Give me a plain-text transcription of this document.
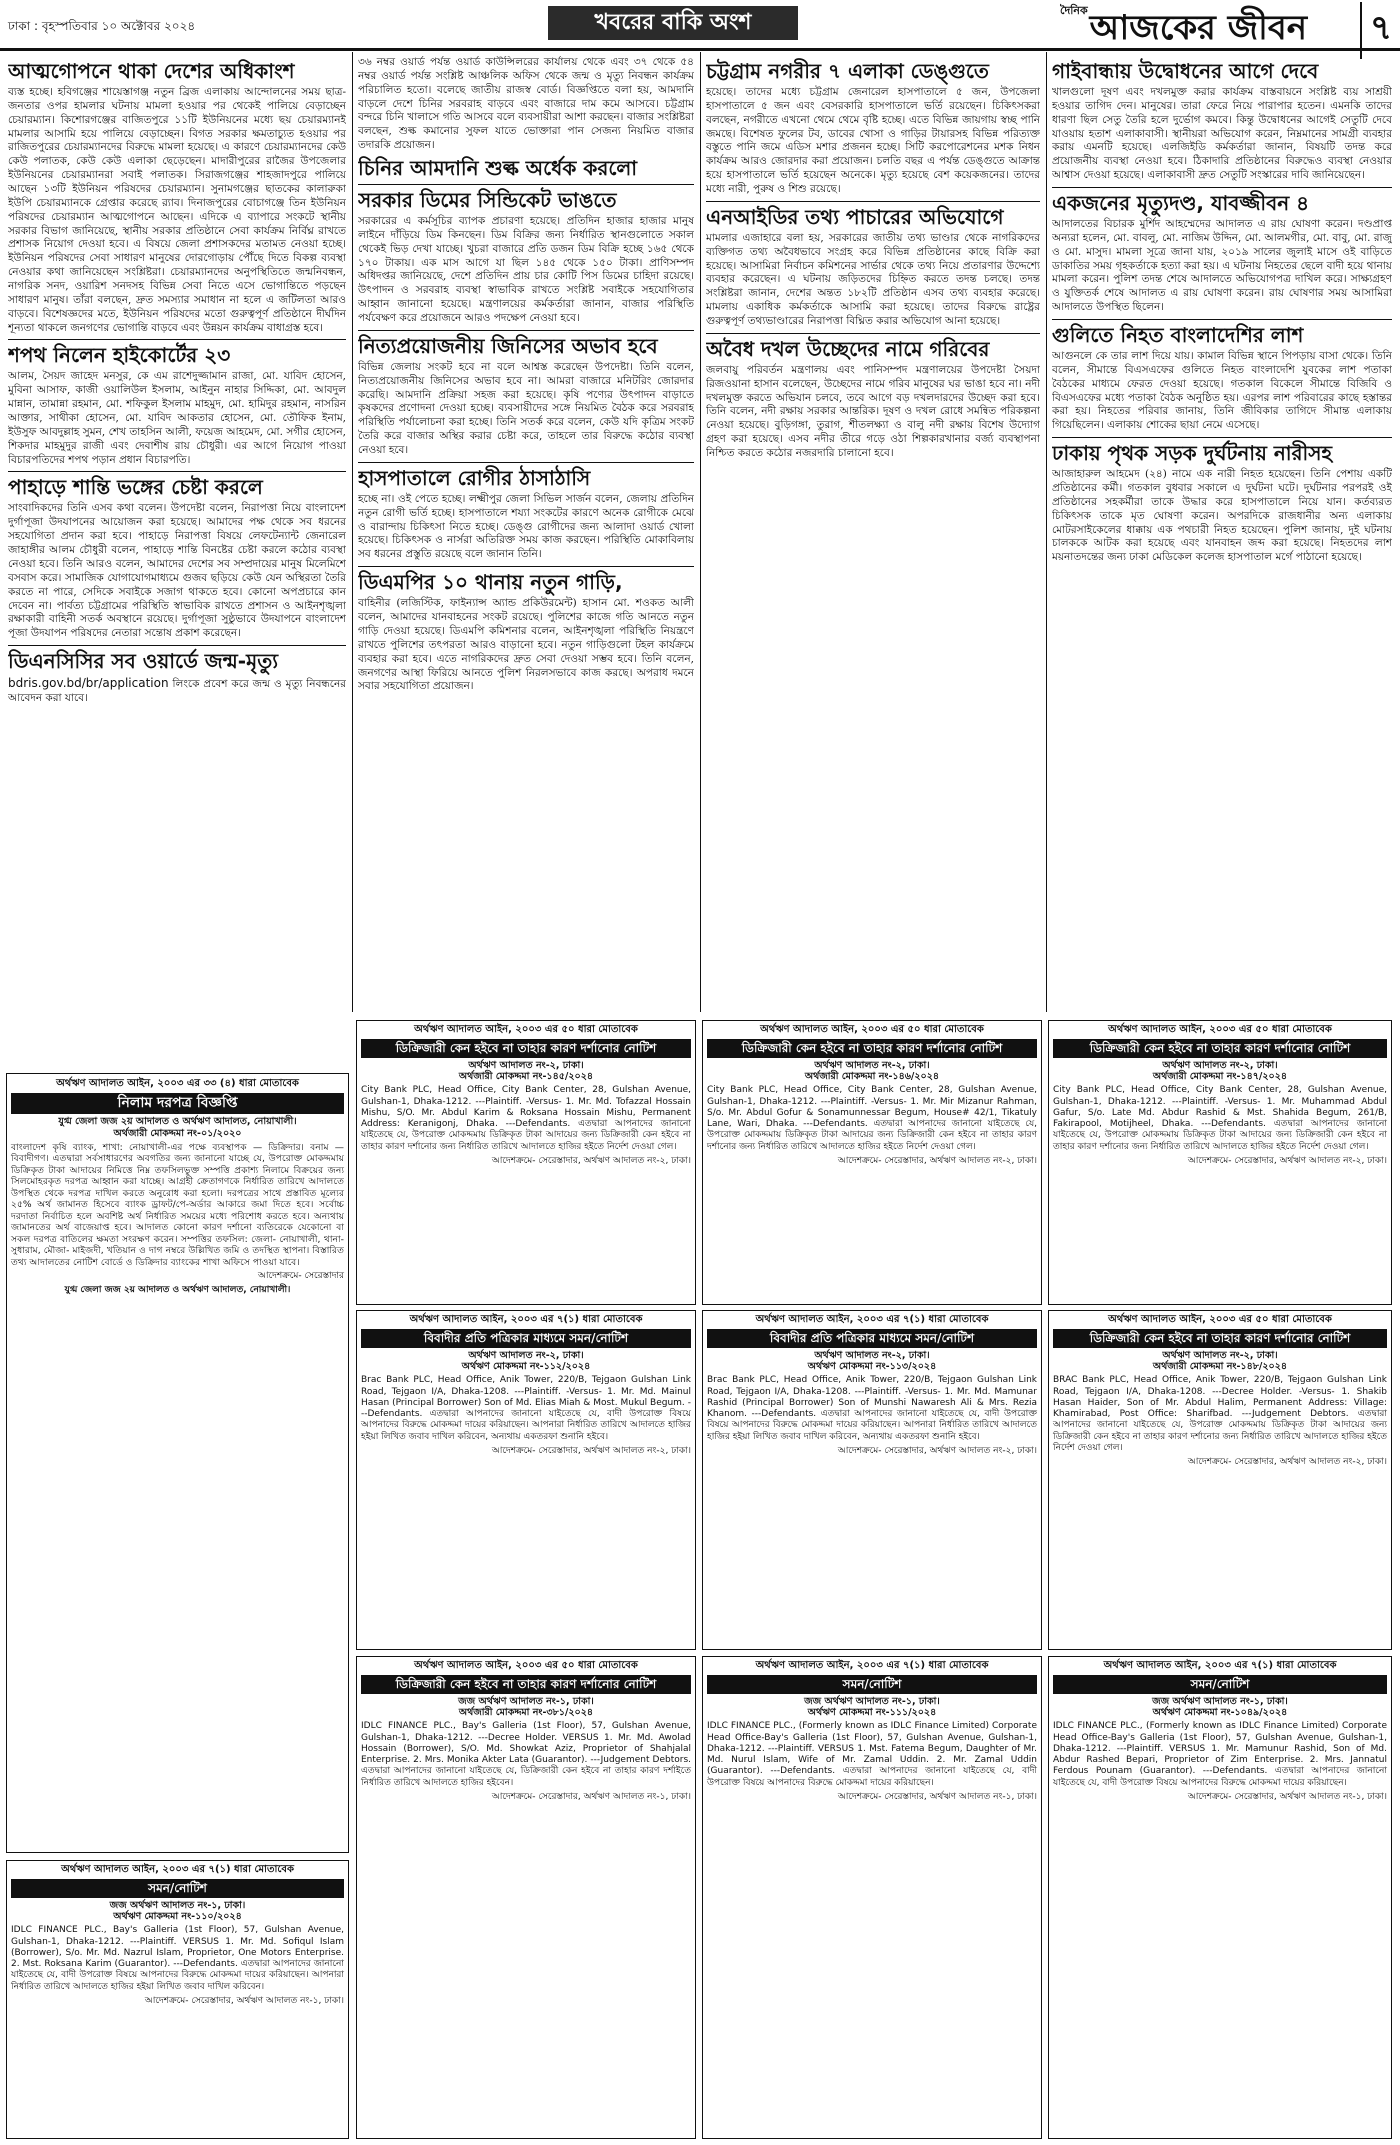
ঢাকা : বৃহস্পতিবার ১০ অক্টোবর ২০২৪	খবরের বাকি অংশ	$^{দৈনিক}$আজকের জীবন ৭
আত্মগোপনে থাকা দেশের অধিকাংশ

ব্যস্ত হচ্ছে। হবিগঞ্জের শায়েস্তাগঞ্জ নতুন ব্রিজ এলাকায় আন্দোলনের সময় ছাত্র-জনতার ওপর হামলার ঘটনায় মামলা হওয়ার পর থেকেই পালিয়ে বেড়াচ্ছেন চেয়ারম্যান। কিশোরগঞ্জের বাজিতপুরে ১১টি ইউনিয়নের মধ্যে ছয় চেয়ারম্যানই মামলার আসামি হয়ে পালিয়ে বেড়াচ্ছেন। বিগত সরকার ক্ষমতাচ্যুত হওয়ার পর রাজিতপুরের চেয়ারম্যানদের বিরুদ্ধে মামলা হয়েছে। এ কারণে চেয়ারম্যানদের কেউ কেউ পলাতক, কেউ কেউ এলাকা ছেড়েছেন। মাদারীপুরের রাজৈর উপজেলার ইউনিয়নের চেয়ারম্যানরা সবাই পলাতক। সিরাজগঞ্জের শাহজাদপুরে পালিয়ে আছেন ১৩টি ইউনিয়ন পরিষদের চেয়ারম্যান। সুনামগঞ্জের ছাতকের কালারুকা ইউপি চেয়ারম্যানকে গ্রেপ্তার করেছে র‍্যাব। দিনাজপুরের বোচাগঞ্জে তিন ইউনিয়ন পরিষদের চেয়ারম্যান আত্মগোপনে আছেন। এদিকে এ ব্যাপারে সংকটে স্থানীয় সরকার বিভাগ জানিয়েছে, স্থানীয় সরকার প্রতিষ্ঠানে সেবা কার্যক্রম নির্বিঘ্ন রাখতে প্রশাসক নিয়োগ দেওয়া হবে। এ বিষয়ে জেলা প্রশাসকদের মতামত নেওয়া হচ্ছে। ইউনিয়ন পরিষদের সেবা সাধারণ মানুষের দোরগোড়ায় পৌঁছে দিতে বিকল্প ব্যবস্থা নেওয়ার কথা জানিয়েছেন সংশ্লিষ্টরা। চেয়ারম্যানদের অনুপস্থিতিতে জন্মনিবন্ধন, নাগরিক সনদ, ওয়ারিশ সনদসহ বিভিন্ন সেবা নিতে এসে ভোগান্তিতে পড়ছেন সাধারণ মানুষ। তাঁরা বলছেন, দ্রুত সমস্যার সমাধান না হলে এ জটিলতা আরও বাড়বে। বিশেষজ্ঞদের মতে, ইউনিয়ন পরিষদের মতো গুরুত্বপূর্ণ প্রতিষ্ঠানে দীর্ঘদিন শূন্যতা থাকলে জনগণের ভোগান্তি বাড়বে এবং উন্নয়ন কার্যক্রম বাধাগ্রস্ত হবে।

শপথ নিলেন হাইকোর্টের ২৩

আলম, সৈয়দ জাহেদ মনসুর, কে এম রাশেদুজ্জামান রাজা, মো. যাবিদ হোসেন, মুবিনা আসাফ, কাজী ওয়ালিউল ইসলাম, আইনুন নাহার সিদ্দিকা, মো. আবদুল মান্নান, তামান্না রহমান, মো. শফিকুল ইসলাম মাহমুদ, মো. হামিদুর রহমান, নাসরিন আক্তার, সাথীকা হোসেন, মো. যাবিদ আকতার হোসেন, মো. তৌফিক ইনাম, ইউসুফ আবদুল্লাহ সুমন, শেখ তাহসিন আলী, ফয়েজ আহমেদ, মো. সগীর হোসেন, শিকদার মাহমুদুর রাজী এবং দেবাশীষ রায় চৌধুরী। এর আগে নিয়োগ পাওয়া বিচারপতিদের শপথ পড়ান প্রধান বিচারপতি।

পাহাড়ে শান্তি ভঙ্গের চেষ্টা করলে

সাংবাদিকদের তিনি এসব কথা বলেন। উপদেষ্টা বলেন, নিরাপত্তা নিয়ে বাংলাদেশ দুর্গাপূজা উদযাপনের আয়োজন করা হয়েছে। আমাদের পক্ষ থেকে সব ধরনের সহযোগিতা প্রদান করা হবে। পাহাড়ে নিরাপত্তা বিষয়ে লেফটেন্যান্ট জেনারেল জাহাঙ্গীর আলম চৌধুরী বলেন, পাহাড়ে শান্তি বিনষ্টের চেষ্টা করলে কঠোর ব্যবস্থা নেওয়া হবে। তিনি আরও বলেন, আমাদের দেশের সব সম্প্রদায়ের মানুষ মিলেমিশে বসবাস করে। সামাজিক যোগাযোগমাধ্যমে গুজব ছড়িয়ে কেউ যেন অস্থিরতা তৈরি করতে না পারে, সেদিকে সবাইকে সজাগ থাকতে হবে। কোনো অপপ্রচারে কান দেবেন না। পার্বত্য চট্টগ্রামের পরিস্থিতি স্বাভাবিক রাখতে প্রশাসন ও আইনশৃঙ্খলা রক্ষাকারী বাহিনী সতর্ক অবস্থানে রয়েছে। দুর্গাপূজা সুষ্ঠুভাবে উদযাপনে বাংলাদেশ পূজা উদযাপন পরিষদের নেতারা সন্তোষ প্রকাশ করেছেন।

ডিএনসিসির সব ওয়ার্ডে জন্ম-মৃত্যু

bdris.gov.bd/br/application লিংকে প্রবেশ করে জন্ম ও মৃত্যু নিবন্ধনের আবেদন করা যাবে।

অর্থঋণ আদালত আইন, ২০০৩ এর ৩৩ (৪) ধারা মোতাবেক
নিলাম দরপত্র বিজ্ঞপ্তি
যুগ্ম জেলা জজ ২য় আদালত ও অর্থঋণ আদালত, নোয়াখালী।
অর্থজারী মোকদ্দমা নং-০১/২০২০

বাংলাদেশ কৃষি ব্যাংক, শাখা: নোয়াখালী-এর পক্ষে ব্যবস্থাপক — ডিক্রিদার। বনাম — বিবাদীগণ। এতদ্বারা সর্বসাধারণের অবগতির জন্য জানানো যাচ্ছে যে, উপরোক্ত মোকদ্দমায় ডিক্রিকৃত টাকা আদায়ের নিমিত্তে নিম্ন তফসিলভুক্ত সম্পত্তি প্রকাশ্য নিলামে বিক্রয়ের জন্য সিলমোহরকৃত দরপত্র আহ্বান করা যাচ্ছে। আগ্রহী ক্রেতাগণকে নির্ধারিত তারিখে আদালতে উপস্থিত থেকে দরপত্র দাখিল করতে অনুরোধ করা হলো। দরপত্রের সাথে প্রস্তাবিত মূল্যের ২৫% অর্থ জামানত হিসেবে ব্যাংক ড্রাফট/পে-অর্ডার আকারে জমা দিতে হবে। সর্বোচ্চ দরদাতা নির্বাচিত হলে অবশিষ্ট অর্থ নির্ধারিত সময়ের মধ্যে পরিশোধ করতে হবে। অন্যথায় জামানতের অর্থ বাজেয়াপ্ত হবে। আদালত কোনো কারণ দর্শানো ব্যতিরেকে যেকোনো বা সকল দরপত্র বাতিলের ক্ষমতা সংরক্ষণ করেন। সম্পত্তির তফসিল: জেলা- নোয়াখালী, থানা- সুধারাম, মৌজা- মাইজদী, খতিয়ান ও দাগ নম্বরে উল্লিখিত জমি ও তদস্থিত স্থাপনা। বিস্তারিত তথ্য আদালতের নোটিশ বোর্ডে ও ডিক্রিদার ব্যাংকের শাখা অফিসে পাওয়া যাবে।

আদেশক্রমে- সেরেস্তাদার
যুগ্ম জেলা জজ ২য় আদালত ও অর্থঋণ আদালত, নোয়াখালী।

৩৬ নম্বর ওয়ার্ড পর্যন্ত ওয়ার্ড কাউন্সিলরের কার্যালয় থেকে এবং ৩৭ থেকে ৫৪ নম্বর ওয়ার্ড পর্যন্ত সংশ্লিষ্ট আঞ্চলিক অফিস থেকে জন্ম ও মৃত্যু নিবন্ধন কার্যক্রম পরিচালিত হতো। বলেছে জাতীয় রাজস্ব বোর্ড। বিজ্ঞপ্তিতে বলা হয়, আমদানি বাড়লে দেশে চিনির সরবরাহ বাড়বে এবং বাজারে দাম কমে আসবে। চট্টগ্রাম বন্দরে চিনি খালাসে গতি আসবে বলে ব্যবসায়ীরা আশা করছেন। বাজার সংশ্লিষ্টরা বলছেন, শুল্ক কমানোর সুফল যাতে ভোক্তারা পান সেজন্য নিয়মিত বাজার তদারকি প্রয়োজন।

চিনির আমদানি শুল্ক অর্ধেক করলো
সরকার ডিমের সিন্ডিকেট ভাঙতে

সরকারের এ কর্মসূচির ব্যাপক প্রচারণা হয়েছে। প্রতিদিন হাজার হাজার মানুষ লাইনে দাঁড়িয়ে ডিম কিনছেন। ডিম বিক্রির জন্য নির্ধারিত স্থানগুলোতে সকাল থেকেই ভিড় দেখা যাচ্ছে। খুচরা বাজারে প্রতি ডজন ডিম বিক্রি হচ্ছে ১৬৫ থেকে ১৭০ টাকায়। এক মাস আগে যা ছিল ১৪৫ থেকে ১৫০ টাকা। প্রাণিসম্পদ অধিদপ্তর জানিয়েছে, দেশে প্রতিদিন প্রায় চার কোটি পিস ডিমের চাহিদা রয়েছে। উৎপাদন ও সরবরাহ ব্যবস্থা স্বাভাবিক রাখতে সংশ্লিষ্ট সবাইকে সহযোগিতার আহ্বান জানানো হয়েছে। মন্ত্রণালয়ের কর্মকর্তারা জানান, বাজার পরিস্থিতি পর্যবেক্ষণ করে প্রয়োজনে আরও পদক্ষেপ নেওয়া হবে।

নিত্যপ্রয়োজনীয় জিনিসের অভাব হবে

বিভিন্ন জেলায় সংকট হবে না বলে আশ্বস্ত করেছেন উপদেষ্টা। তিনি বলেন, নিত্যপ্রয়োজনীয় জিনিসের অভাব হবে না। আমরা বাজারে মনিটরিং জোরদার করেছি। আমদানি প্রক্রিয়া সহজ করা হয়েছে। কৃষি পণ্যের উৎপাদন বাড়াতে কৃষকদের প্রণোদনা দেওয়া হচ্ছে। ব্যবসায়ীদের সঙ্গে নিয়মিত বৈঠক করে সরবরাহ পরিস্থিতি পর্যালোচনা করা হচ্ছে। তিনি সতর্ক করে বলেন, কেউ যদি কৃত্রিম সংকট তৈরি করে বাজার অস্থির করার চেষ্টা করে, তাহলে তার বিরুদ্ধে কঠোর ব্যবস্থা নেওয়া হবে।

হাসপাতালে রোগীর ঠাসাঠাসি

হচ্ছে না। ওই পেতে হচ্ছে। লক্ষ্মীপুর জেলা সিভিল সার্জন বলেন, জেলায় প্রতিদিন নতুন রোগী ভর্তি হচ্ছে। হাসপাতালে শয্যা সংকটের কারণে অনেক রোগীকে মেঝে ও বারান্দায় চিকিৎসা নিতে হচ্ছে। ডেঙ্গু রোগীদের জন্য আলাদা ওয়ার্ড খোলা হয়েছে। চিকিৎসক ও নার্সরা অতিরিক্ত সময় কাজ করছেন। পরিস্থিতি মোকাবিলায় সব ধরনের প্রস্তুতি রয়েছে বলে জানান তিনি।

ডিএমপির ১০ থানায় নতুন গাড়ি,

বাহিনীর (লজিস্টিক, ফাইন্যান্স অ্যান্ড প্রকিউরমেন্ট) হাসান মো. শওকত আলী বলেন, আমাদের যানবাহনের সংকট রয়েছে। পুলিশের কাজে গতি আনতে নতুন গাড়ি দেওয়া হয়েছে। ডিএমপি কমিশনার বলেন, আইনশৃঙ্খলা পরিস্থিতি নিয়ন্ত্রণে রাখতে পুলিশের তৎপরতা আরও বাড়ানো হবে। নতুন গাড়িগুলো টহল কার্যক্রমে ব্যবহার করা হবে। এতে নাগরিকদের দ্রুত সেবা দেওয়া সম্ভব হবে। তিনি বলেন, জনগণের আস্থা ফিরিয়ে আনতে পুলিশ নিরলসভাবে কাজ করছে। অপরাধ দমনে সবার সহযোগিতা প্রয়োজন।

চট্টগ্রাম নগরীর ৭ এলাকা ডেঙ্গুতে

হয়েছে। তাদের মধ্যে চট্টগ্রাম জেনারেল হাসপাতালে ৫ জন, উপজেলা হাসপাতালে ৫ জন এবং বেসরকারি হাসপাতালে ভর্তি রয়েছেন। চিকিৎসকরা বলছেন, নগরীতে এখনো থেমে থেমে বৃষ্টি হচ্ছে। এতে বিভিন্ন জায়গায় স্বচ্ছ পানি জমছে। বিশেষত ফুলের টব, ডাবের খোসা ও গাড়ির টায়ারসহ বিভিন্ন পরিত্যক্ত বস্তুতে পানি জমে এডিস মশার প্রজনন হচ্ছে। সিটি করপোরেশনের মশক নিধন কার্যক্রম আরও জোরদার করা প্রয়োজন। চলতি বছর এ পর্যন্ত ডেঙ্গুতে আক্রান্ত হয়ে হাসপাতালে ভর্তি হয়েছেন অনেকে। মৃত্যু হয়েছে বেশ কয়েকজনের। তাদের মধ্যে নারী, পুরুষ ও শিশু রয়েছে।

এনআইডির তথ্য পাচারের অভিযোগে

মামলার এজাহারে বলা হয়, সরকারের জাতীয় তথ্য ভাণ্ডার থেকে নাগরিকদের ব্যক্তিগত তথ্য অবৈধভাবে সংগ্রহ করে বিভিন্ন প্রতিষ্ঠানের কাছে বিক্রি করা হয়েছে। আসামিরা নির্বাচন কমিশনের সার্ভার থেকে তথ্য নিয়ে প্রতারণার উদ্দেশ্যে ব্যবহার করেছেন। এ ঘটনায় জড়িতদের চিহ্নিত করতে তদন্ত চলছে। তদন্ত সংশ্লিষ্টরা জানান, দেশের অন্তত ১৮২টি প্রতিষ্ঠান এসব তথ্য ব্যবহার করেছে। মামলায় একাধিক কর্মকর্তাকে আসামি করা হয়েছে। তাদের বিরুদ্ধে রাষ্ট্রের গুরুত্বপূর্ণ তথ্যভাণ্ডারের নিরাপত্তা বিঘ্নিত করার অভিযোগ আনা হয়েছে।

অবৈধ দখল উচ্ছেদের নামে গরিবের

জলবায়ু পরিবর্তন মন্ত্রণালয় এবং পানিসম্পদ মন্ত্রণালয়ের উপদেষ্টা সৈয়দা রিজওয়ানা হাসান বলেছেন, উচ্ছেদের নামে গরিব মানুষের ঘর ভাঙা হবে না। নদী দখলমুক্ত করতে অভিযান চলবে, তবে আগে বড় দখলদারদের উচ্ছেদ করা হবে। তিনি বলেন, নদী রক্ষায় সরকার আন্তরিক। দূষণ ও দখল রোধে সমন্বিত পরিকল্পনা নেওয়া হয়েছে। বুড়িগঙ্গা, তুরাগ, শীতলক্ষ্যা ও বালু নদী রক্ষায় বিশেষ উদ্যোগ গ্রহণ করা হয়েছে। এসব নদীর তীরে গড়ে ওঠা শিল্পকারখানার বর্জ্য ব্যবস্থাপনা নিশ্চিত করতে কঠোর নজরদারি চালানো হবে।

গাইবান্ধায় উদ্বোধনের আগে দেবে

খালগুলো দূষণ এবং দখলমুক্ত করার কার্যক্রম বাস্তবায়নে সংশ্লিষ্ট ব্যয় সাশ্রয়ী হওয়ার তাগিদ দেন। মানুষের। তারা ফেরে নিয়ে পারাপার হতেন। এমনকি তাদের ধারণা ছিল সেতু তৈরি হলে দুর্ভোগ কমবে। কিন্তু উদ্বোধনের আগেই সেতুটি দেবে যাওয়ায় হতাশ এলাকাবাসী। স্থানীয়রা অভিযোগ করেন, নিম্নমানের সামগ্রী ব্যবহার করায় এমনটি হয়েছে। এলজিইডি কর্মকর্তারা জানান, বিষয়টি তদন্ত করে প্রয়োজনীয় ব্যবস্থা নেওয়া হবে। ঠিকাদারি প্রতিষ্ঠানের বিরুদ্ধেও ব্যবস্থা নেওয়ার আশ্বাস দেওয়া হয়েছে। এলাকাবাসী দ্রুত সেতুটি সংস্কারের দাবি জানিয়েছেন।

একজনের মৃত্যুদণ্ড, যাবজ্জীবন ৪

আদালতের বিচারক মুর্শিদ আহম্মেদের আদালত এ রায় ঘোষণা করেন। দণ্ডপ্রাপ্ত অন্যরা হলেন, মো. বাবলু, মো. নাজিম উদ্দিন, মো. আলমগীর, মো. বাবু, মো. রাজু ও মো. মাসুদ। মামলা সূত্রে জানা যায়, ২০১৯ সালের জুলাই মাসে ওই বাড়িতে ডাকাতির সময় গৃহকর্তাকে হত্যা করা হয়। এ ঘটনায় নিহতের ছেলে বাদী হয়ে থানায় মামলা করেন। পুলিশ তদন্ত শেষে আদালতে অভিযোগপত্র দাখিল করে। সাক্ষ্যগ্রহণ ও যুক্তিতর্ক শেষে আদালত এ রায় ঘোষণা করেন। রায় ঘোষণার সময় আসামিরা আদালতে উপস্থিত ছিলেন।

গুলিতে নিহত বাংলাদেশির লাশ

আগুনলে কে তার লাশ দিয়ে যায়। কামাল বিভিন্ন স্থানে পিপড়ায় বাসা থেকে। তিনি বলেন, সীমান্তে বিএসএফের গুলিতে নিহত বাংলাদেশি যুবকের লাশ পতাকা বৈঠকের মাধ্যমে ফেরত দেওয়া হয়েছে। গতকাল বিকেলে সীমান্তে বিজিবি ও বিএসএফের মধ্যে পতাকা বৈঠক অনুষ্ঠিত হয়। এরপর লাশ পরিবারের কাছে হস্তান্তর করা হয়। নিহতের পরিবার জানায়, তিনি জীবিকার তাগিদে সীমান্ত এলাকায় গিয়েছিলেন। এলাকায় শোকের ছায়া নেমে এসেছে।

ঢাকায় পৃথক সড়ক দুর্ঘটনায় নারীসহ

আজাহারুল আহমেদ (২৪) নামে এক নারী নিহত হয়েছেন। তিনি পেশায় একটি প্রতিষ্ঠানের কর্মী। গতকাল বুধবার সকালে এ দুর্ঘটনা ঘটে। দুর্ঘটনার পরপরই ওই প্রতিষ্ঠানের সহকর্মীরা তাকে উদ্ধার করে হাসপাতালে নিয়ে যান। কর্তব্যরত চিকিৎসক তাকে মৃত ঘোষণা করেন। অপরদিকে রাজধানীর অন্য এলাকায় মোটরসাইকেলের ধাক্কায় এক পথচারী নিহত হয়েছেন। পুলিশ জানায়, দুই ঘটনায় চালককে আটক করা হয়েছে এবং যানবাহন জব্দ করা হয়েছে। নিহতদের লাশ ময়নাতদন্তের জন্য ঢাকা মেডিকেল কলেজ হাসপাতাল মর্গে পাঠানো হয়েছে।

অর্থঋণ আদালত আইন, ২০০৩ এর ৫০ ধারা মোতাবেক
ডিক্রিজারী কেন হইবে না তাহার কারণ দর্শানোর নোটিশ
অর্থঋণ আদালত নং-২, ঢাকা।
অর্থজারী মোকদ্দমা নং-১৪৫/২০২৪

City Bank PLC, Head Office, City Bank Center, 28, Gulshan Avenue, Gulshan-1, Dhaka-1212. ---Plaintiff. -Versus- 1. Mr. Md. Tofazzal Hossain Mishu, S/O. Mr. Abdul Karim & Roksana Hossain Mishu, Permanent Address: Keranigonj, Dhaka. ---Defendants. এতদ্বারা আপনাদের জানানো যাইতেছে যে, উপরোক্ত মোকদ্দমায় ডিক্রিকৃত টাকা আদায়ের জন্য ডিক্রিজারী কেন হইবে না তাহার কারণ দর্শানোর জন্য নির্ধারিত তারিখে আদালতে হাজির হইতে নির্দেশ দেওয়া গেল।

আদেশক্রমে- সেরেস্তাদার, অর্থঋণ আদালত নং-২, ঢাকা।
অর্থঋণ আদালত আইন, ২০০৩ এর ৫০ ধারা মোতাবেক
ডিক্রিজারী কেন হইবে না তাহার কারণ দর্শানোর নোটিশ
অর্থঋণ আদালত নং-২, ঢাকা।
অর্থজারী মোকদ্দমা নং-১৪৬/২০২৪

City Bank PLC, Head Office, City Bank Center, 28, Gulshan Avenue, Gulshan-1, Dhaka-1212. ---Plaintiff. -Versus- 1. Mr. Mir Mizanur Rahman, S/o. Mr. Abdul Gofur & Sonamunnessar Begum, House# 42/1, Tikatuly Lane, Wari, Dhaka. ---Defendants. এতদ্বারা আপনাদের জানানো যাইতেছে যে, উপরোক্ত মোকদ্দমায় ডিক্রিকৃত টাকা আদায়ের জন্য ডিক্রিজারী কেন হইবে না তাহার কারণ দর্শানোর জন্য নির্ধারিত তারিখে আদালতে হাজির হইতে নির্দেশ দেওয়া গেল।

আদেশক্রমে- সেরেস্তাদার, অর্থঋণ আদালত নং-২, ঢাকা।
অর্থঋণ আদালত আইন, ২০০৩ এর ৫০ ধারা মোতাবেক
ডিক্রিজারী কেন হইবে না তাহার কারণ দর্শানোর নোটিশ
অর্থঋণ আদালত নং-২, ঢাকা।
অর্থজারী মোকদ্দমা নং-১৪৭/২০২৪

City Bank PLC, Head Office, City Bank Center, 28, Gulshan Avenue, Gulshan-1, Dhaka-1212. ---Plaintiff. -Versus- 1. Mr. Muhammad Abdul Gafur, S/o. Late Md. Abdur Rashid & Mst. Shahida Begum, 261/B, Fakirapool, Motijheel, Dhaka. ---Defendants. এতদ্বারা আপনাদের জানানো যাইতেছে যে, উপরোক্ত মোকদ্দমায় ডিক্রিকৃত টাকা আদায়ের জন্য ডিক্রিজারী কেন হইবে না তাহার কারণ দর্শানোর জন্য নির্ধারিত তারিখে আদালতে হাজির হইতে নির্দেশ দেওয়া গেল।

আদেশক্রমে- সেরেস্তাদার, অর্থঋণ আদালত নং-২, ঢাকা।
অর্থঋণ আদালত আইন, ২০০৩ এর ৭(১) ধারা মোতাবেক
বিবাদীর প্রতি পত্রিকার মাধ্যমে সমন/নোটিশ
অর্থঋণ আদালত নং-২, ঢাকা।
অর্থঋণ মোকদ্দমা নং-১১২/২০২৪

Brac Bank PLC, Head Office, Anik Tower, 220/B, Tejgaon Gulshan Link Road, Tejgaon I/A, Dhaka-1208. ---Plaintiff. -Versus- 1. Mr. Md. Mainul Hasan (Principal Borrower) Son of Md. Elias Miah & Most. Mukul Begum. ---Defendants. এতদ্বারা আপনাদের জানানো যাইতেছে যে, বাদী উপরোক্ত বিষয়ে আপনাদের বিরুদ্ধে মোকদ্দমা দায়ের করিয়াছেন। আপনারা নির্ধারিত তারিখে আদালতে হাজির হইয়া লিখিত জবাব দাখিল করিবেন, অন্যথায় একতরফা শুনানি হইবে।

আদেশক্রমে- সেরেস্তাদার, অর্থঋণ আদালত নং-২, ঢাকা।
অর্থঋণ আদালত আইন, ২০০৩ এর ৭(১) ধারা মোতাবেক
বিবাদীর প্রতি পত্রিকার মাধ্যমে সমন/নোটিশ
অর্থঋণ আদালত নং-২, ঢাকা।
অর্থঋণ মোকদ্দমা নং-১১৩/২০২৪

Brac Bank PLC, Head Office, Anik Tower, 220/B, Tejgaon Gulshan Link Road, Tejgaon I/A, Dhaka-1208. ---Plaintiff. -Versus- 1. Mr. Md. Mamunar Rashid (Principal Borrower) Son of Munshi Nawaresh Ali & Mrs. Rezia Khanom. ---Defendants. এতদ্বারা আপনাদের জানানো যাইতেছে যে, বাদী উপরোক্ত বিষয়ে আপনাদের বিরুদ্ধে মোকদ্দমা দায়ের করিয়াছেন। আপনারা নির্ধারিত তারিখে আদালতে হাজির হইয়া লিখিত জবাব দাখিল করিবেন, অন্যথায় একতরফা শুনানি হইবে।

আদেশক্রমে- সেরেস্তাদার, অর্থঋণ আদালত নং-২, ঢাকা।
অর্থঋণ আদালত আইন, ২০০৩ এর ৫০ ধারা মোতাবেক
ডিক্রিজারী কেন হইবে না তাহার কারণ দর্শানোর নোটিশ
অর্থঋণ আদালত নং-২, ঢাকা।
অর্থজারী মোকদ্দমা নং-১৪৮/২০২৪

BRAC Bank PLC, Head Office, Anik Tower, 220/B, Tejgaon Gulshan Link Road, Tejgaon I/A, Dhaka-1208. ---Decree Holder. -Versus- 1. Shakib Hasan Haider, Son of Mr. Abdul Halim, Permanent Address: Village: Khamirabad, Post Office: Sharifbad. ---Judgement Debtors. এতদ্বারা আপনাদের জানানো যাইতেছে যে, উপরোক্ত মোকদ্দমায় ডিক্রিকৃত টাকা আদায়ের জন্য ডিক্রিজারী কেন হইবে না তাহার কারণ দর্শানোর জন্য নির্ধারিত তারিখে আদালতে হাজির হইতে নির্দেশ দেওয়া গেল।

আদেশক্রমে- সেরেস্তাদার, অর্থঋণ আদালত নং-২, ঢাকা।
অর্থঋণ আদালত আইন, ২০০৩ এর ৫০ ধারা মোতাবেক
ডিক্রিজারী কেন হইবে না তাহার কারণ দর্শানোর নোটিশ
জজ অর্থঋণ আদালত নং-১, ঢাকা।
অর্থজারী মোকদ্দমা নং-৩৮১/২০২৪

IDLC FINANCE PLC., Bay's Galleria (1st Floor), 57, Gulshan Avenue, Gulshan-1, Dhaka-1212. ---Decree Holder. VERSUS 1. Mr. Md. Awolad Hossain (Borrower), S/O. Md. Showkat Aziz, Proprietor of Shahjalal Enterprise. 2. Mrs. Monika Akter Lata (Guarantor). ---Judgement Debtors. এতদ্বারা আপনাদের জানানো যাইতেছে যে, ডিক্রিজারী কেন হইবে না তাহার কারণ দর্শাইতে নির্ধারিত তারিখে আদালতে হাজির হইবেন।

আদেশক্রমে- সেরেস্তাদার, অর্থঋণ আদালত নং-১, ঢাকা।
অর্থঋণ আদালত আইন, ২০০৩ এর ৭(১) ধারা মোতাবেক
সমন/নোটিশ
জজ অর্থঋণ আদালত নং-১, ঢাকা।
অর্থঋণ মোকদ্দমা নং-১১১/২০২৪

IDLC FINANCE PLC., (Formerly known as IDLC Finance Limited) Corporate Head Office-Bay's Galleria (1st Floor), 57, Gulshan Avenue, Gulshan-1, Dhaka-1212. ---Plaintiff. VERSUS 1. Mst. Fatema Begum, Daughter of Mr. Md. Nurul Islam, Wife of Mr. Zamal Uddin. 2. Mr. Zamal Uddin (Guarantor). ---Defendants. এতদ্বারা আপনাদের জানানো যাইতেছে যে, বাদী উপরোক্ত বিষয়ে আপনাদের বিরুদ্ধে মোকদ্দমা দায়ের করিয়াছেন।

আদেশক্রমে- সেরেস্তাদার, অর্থঋণ আদালত নং-১, ঢাকা।
অর্থঋণ আদালত আইন, ২০০৩ এর ৭(১) ধারা মোতাবেক
সমন/নোটিশ
জজ অর্থঋণ আদালত নং-১, ঢাকা।
অর্থঋণ মোকদ্দমা নং-১০৪৯/২০২৪

IDLC FINANCE PLC., (Formerly known as IDLC Finance Limited) Corporate Head Office-Bay's Galleria (1st Floor), 57, Gulshan Avenue, Gulshan-1, Dhaka-1212. ---Plaintiff. VERSUS 1. Mr. Mamunur Rashid, Son of Md. Abdur Rashed Bepari, Proprietor of Zim Enterprise. 2. Mrs. Jannatul Ferdous Pounam (Guarantor). ---Defendants. এতদ্বারা আপনাদের জানানো যাইতেছে যে, বাদী উপরোক্ত বিষয়ে আপনাদের বিরুদ্ধে মোকদ্দমা দায়ের করিয়াছেন।

আদেশক্রমে- সেরেস্তাদার, অর্থঋণ আদালত নং-১, ঢাকা।
অর্থঋণ আদালত আইন, ২০০৩ এর ৭(১) ধারা মোতাবেক
সমন/নোটিশ
জজ অর্থঋণ আদালত নং-১, ঢাকা।
অর্থঋণ মোকদ্দমা নং-১১০/২০২৪

IDLC FINANCE PLC., Bay's Galleria (1st Floor), 57, Gulshan Avenue, Gulshan-1, Dhaka-1212. ---Plaintiff. VERSUS 1. Mr. Md. Sofiqul Islam (Borrower), S/o. Mr. Md. Nazrul Islam, Proprietor, One Motors Enterprise. 2. Mst. Roksana Karim (Guarantor). ---Defendants. এতদ্বারা আপনাদের জানানো যাইতেছে যে, বাদী উপরোক্ত বিষয়ে আপনাদের বিরুদ্ধে মোকদ্দমা দায়ের করিয়াছেন। আপনারা নির্ধারিত তারিখে আদালতে হাজির হইয়া লিখিত জবাব দাখিল করিবেন।

আদেশক্রমে- সেরেস্তাদার, অর্থঋণ আদালত নং-১, ঢাকা।
